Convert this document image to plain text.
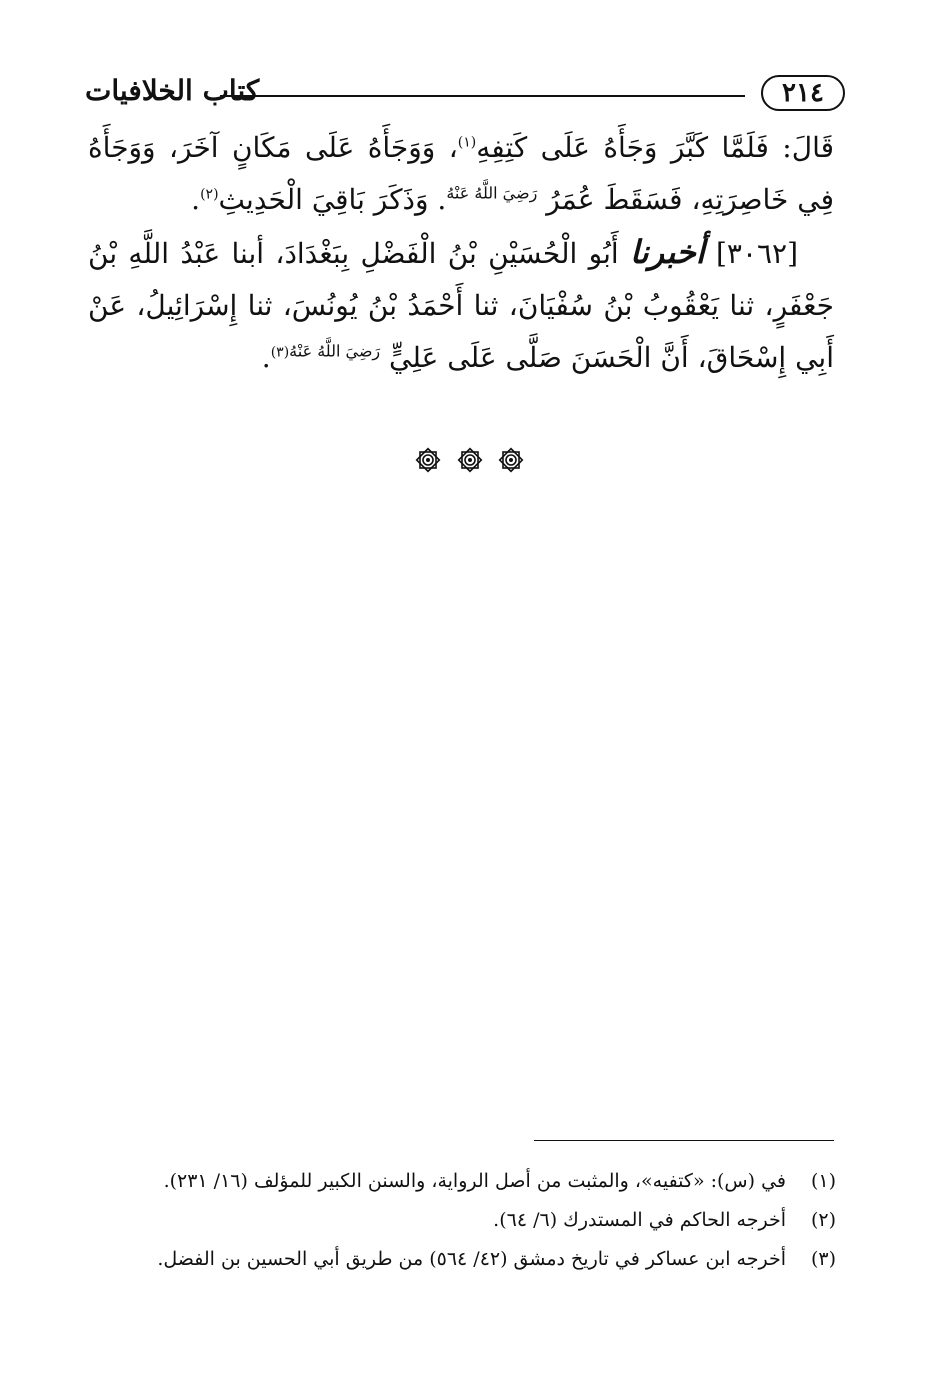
كتاب الخلافيات	٢١٤

قَالَ: فَلَمَّا كَبَّرَ وَجَأَهُ عَلَى كَتِفِهِ$^{(١)}$، وَوَجَأَهُ عَلَى مَكَانٍ آخَرَ، وَوَجَأَهُ فِي خَاصِرَتِهِ، فَسَقَطَ عُمَرُ $^{رَضِيَ اللَّهُ عَنْهُ}$. وَذَكَرَ بَاقِيَ الْحَدِيثِ$^{(٢)}$.

[٣٠٦٢] أخبرنا أَبُو الْحُسَيْنِ بْنُ الْفَضْلِ بِبَغْدَادَ، أبنا عَبْدُ اللَّهِ بْنُ جَعْفَرٍ، ثنا يَعْقُوبُ بْنُ سُفْيَانَ، ثنا أَحْمَدُ بْنُ يُونُسَ، ثنا إِسْرَائِيلُ، عَنْ أَبِي إِسْحَاقَ، أَنَّ الْحَسَنَ صَلَّى عَلَى عَلِيٍّ $^{رَضِيَ اللَّهُ عَنْهُ(٣)}$.

(١)
في (س): «كتفيه»، والمثبت من أصل الرواية، والسنن الكبير للمؤلف (١٦/ ٢٣١).
(٢)
أخرجه الحاكم في المستدرك (٦/ ٦٤).
(٣)
أخرجه ابن عساكر في تاريخ دمشق (٤٢/ ٥٦٤) من طريق أبي الحسين بن الفضل.
